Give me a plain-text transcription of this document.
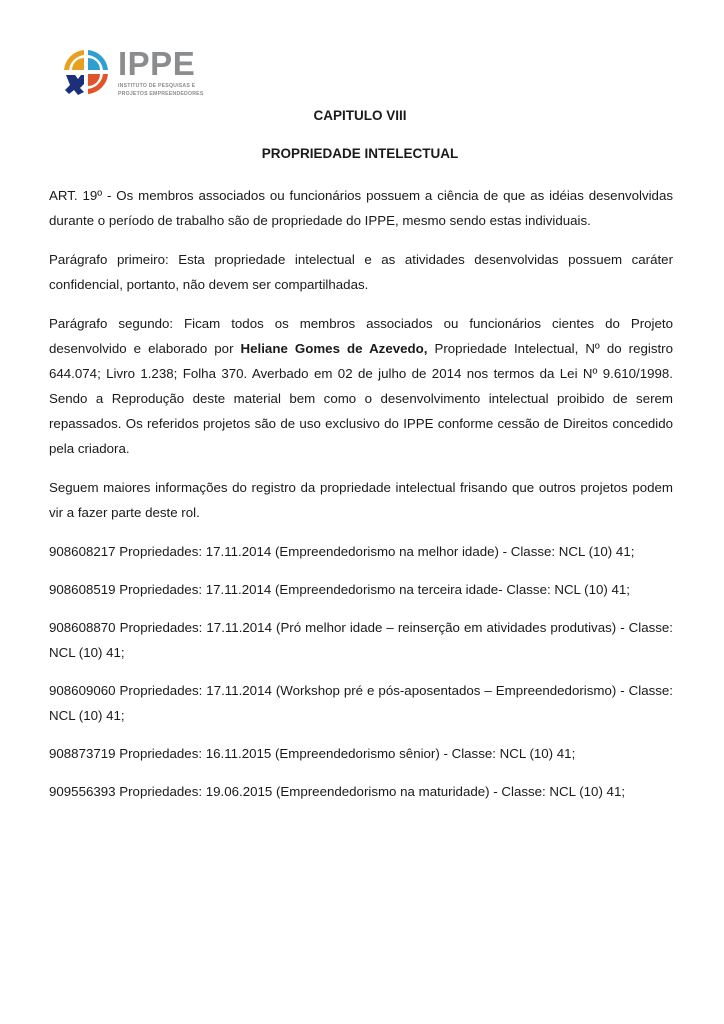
IPPE
INSTITUTO DE PESQUISAS E
PROJETOS EMPREENDEDORES
CAPITULO VIII
PROPRIEDADE INTELECTUAL

ART. 19º - Os membros associados ou funcionários possuem a ciência de que as idéias desenvolvidas durante o período de trabalho são de propriedade do IPPE, mesmo sendo estas individuais.

Parágrafo primeiro: Esta propriedade intelectual e as atividades desenvolvidas possuem caráter confidencial, portanto, não devem ser compartilhadas.

Parágrafo segundo: Ficam todos os membros associados ou funcionários cientes do Projeto desenvolvido e elaborado por Heliane Gomes de Azevedo, Propriedade Intelectual, Nº do registro 644.074; Livro 1.238; Folha 370. Averbado em 02 de julho de 2014 nos termos da Lei Nº 9.610/1998. Sendo a Reprodução deste material bem como o desenvolvimento intelectual proibido de serem repassados. Os referidos projetos são de uso exclusivo do IPPE conforme cessão de Direitos concedido pela criadora.

Seguem maiores informações do registro da propriedade intelectual frisando que outros projetos podem vir a fazer parte deste rol.

908608217 Propriedades: 17.11.2014 (Empreendedorismo na melhor idade) - Classe: NCL (10) 41;

908608519 Propriedades: 17.11.2014 (Empreendedorismo na terceira idade- Classe: NCL (10) 41;

908608870 Propriedades: 17.11.2014 (Pró melhor idade – reinserção em atividades produtivas) - Classe: NCL (10) 41;

908609060 Propriedades: 17.11.2014 (Workshop pré e pós-aposentados – Empreendedorismo) - Classe: NCL (10) 41;

908873719 Propriedades: 16.11.2015 (Empreendedorismo sênior) - Classe: NCL (10) 41;

909556393 Propriedades: 19.06.2015 (Empreendedorismo na maturidade) - Classe: NCL (10) 41;
